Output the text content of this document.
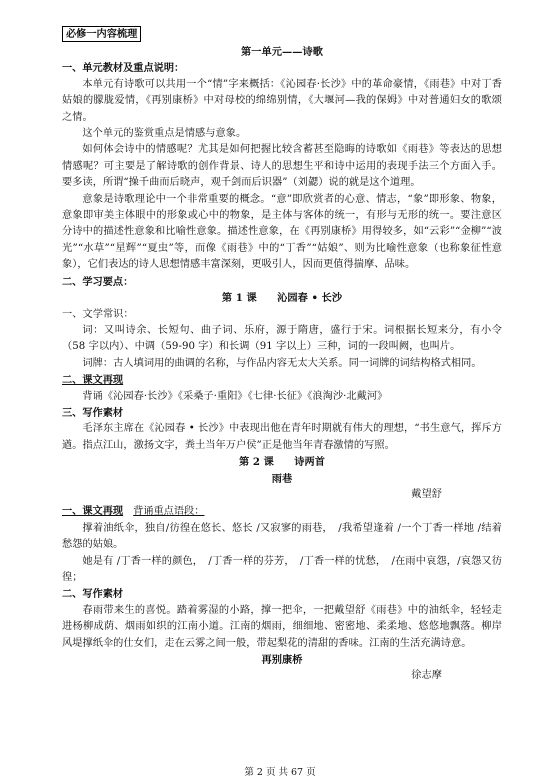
必修一内容梳理

第一单元——诗歌

一、单元教材及重点说明：

本单元有诗歌可以共用一个“情”字来概括：《沁园春·长沙》中的革命豪情，《雨巷》中对丁香姑娘的朦胧爱情，《再别康桥》中对母校的绵绵别情，《大堰河—我的保姆》中对普通妇女的歌颂之情。

这个单元的鉴赏重点是情感与意象。

如何体会诗中的情感呢？尤其是如何把握比较含蓄甚至隐晦的诗歌如《雨巷》等表达的思想情感呢？可主要是了解诗歌的创作背景、诗人的思想生平和诗中运用的表现手法三个方面入手。要多读，所谓“操千曲而后晓声，观千剑而后识器”（刘勰）说的就是这个道理。

意象是诗歌理论中一个非常重要的概念。“意”即欣赏者的心意、情志，“象”即形象、物象，意象即审美主体眼中的形象或心中的物象，是主体与客体的统一，有形与无形的统一。要注意区分诗中的描述性意象和比喻性意象。描述性意象，在《再别康桥》用得较多，如“云彩”“金柳”“波光”“水草”“星辉”“夏虫”等，而像《雨巷》中的“丁香”“姑娘”、则为比喻性意象（也称象征性意象），它们表达的诗人思想情感丰富深刻，更吸引人，因而更值得揣摩、品味。

二、学习要点：

第 1 课　　沁园春 • 长沙

一、文学常识：

词：又叫诗余、长短句、曲子词、乐府，源于隋唐，盛行于宋。词根据长短来分，有小令（58 字以内）、中调（59-90 字）和长调（91 字以上）三种，词的一段叫阙，也叫片。

词牌：古人填词用的曲调的名称，与作品内容无太大关系。同一词牌的词结构格式相同。

二、课文再现

背诵《沁园春·长沙》《采桑子·重阳》《七律·长征》《浪淘沙·北戴河》

三、写作素材

毛泽东主席在《沁园春 • 长沙》中表现出他在青年时期就有伟大的理想，“书生意气，挥斥方遒。指点江山，激扬文字，粪土当年万户侯”正是他当年青春激情的写照。

第 2 课　　诗两首

雨巷

戴望舒

一、课文再现 背诵重点语段：

撑着油纸伞，独自/彷徨在悠长、悠长 /又寂寥的雨巷，　/我希望逢着 /一个丁香一样地 /结着愁怨的姑娘。

她是有 /丁香一样的颜色，　/丁香一样的芬芳，　/丁香一样的忧愁，　/在雨中哀怨，/哀怨又彷徨；

二、写作素材

春雨带来生的喜悦。踏着雾湿的小路，撑一把伞，一把戴望舒《雨巷》中的油纸伞，轻轻走进杨柳成荫、烟雨如织的江南小道。江南的烟雨，细细地、密密地、柔柔地、悠悠地飘落。柳岸风堤撑纸伞的仕女们，走在云雾之间一般，带起梨花的清甜的香味。江南的生活充满诗意。

再别康桥

徐志摩

第 2 页 共 67 页
